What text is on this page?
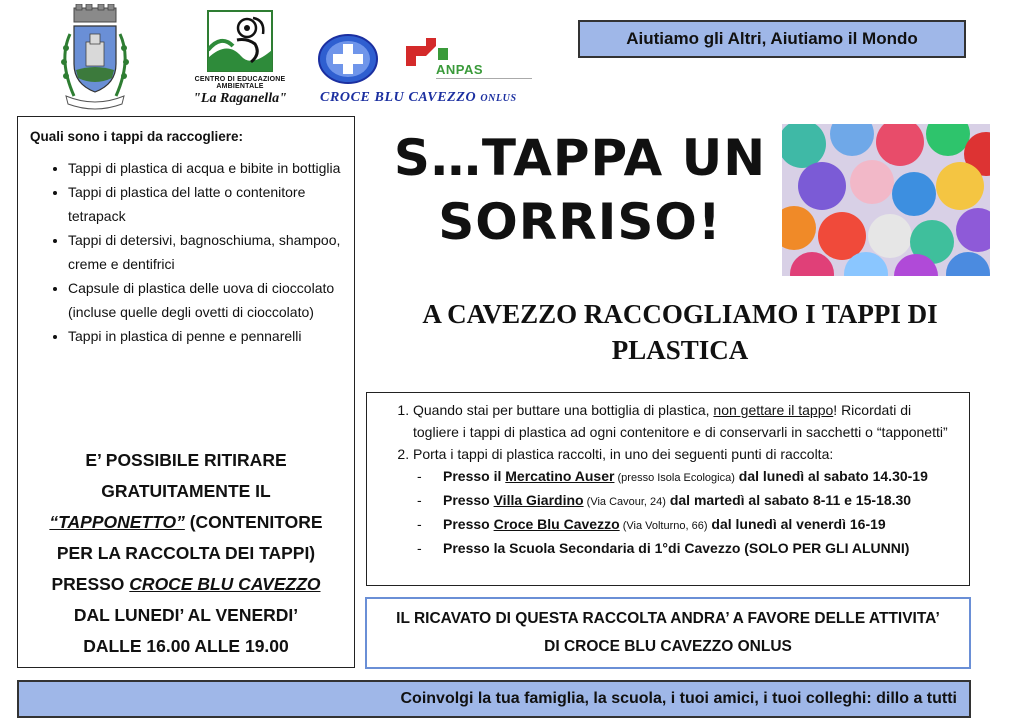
CENTRO DI EDUCAZIONE AMBIENTALE
"La Raganella"
ANPAS
CROCE BLU CAVEZZO ONLUS
Aiutiamo gli Altri, Aiutiamo il Mondo
Quali sono i tappi da raccogliere:
• Tappi di plastica di acqua e bibite in bottiglia
• Tappi di plastica del latte o contenitore tetrapack
• Tappi di detersivi, bagnoschiuma, shampoo, creme e dentifrici
• Capsule di plastica delle uova di cioccolato (incluse quelle degli ovetti di cioccolato)
• Tappi in plastica di penne e pennarelli
E’ POSSIBILE RITIRARE
GRATUITAMENTE IL
“TAPPONETTO” (CONTENITORE
PER LA RACCOLTA DEI TAPPI)
PRESSO CROCE BLU CAVEZZO
DAL LUNEDI’ AL VENERDI’
DALLE 16.00 ALLE 19.00
S…TAPPA UN
SORRISO!
A CAVEZZO RACCOGLIAMO I TAPPI DI
PLASTICA
1. Quando stai per buttare una bottiglia di plastica, non gettare il tappo! Ricordati di togliere i tappi di plastica ad ogni contenitore e di conservarli in sacchetti o “tapponetti”
2. Porta i tappi di plastica raccolti, in uno dei seguenti punti di raccolta:
- Presso il Mercatino Auser (presso Isola Ecologica) dal lunedì al sabato 14.30-19
- Presso Villa Giardino (Via Cavour, 24) dal martedì al sabato 8-11 e 15-18.30
- Presso Croce Blu Cavezzo (Via Volturno, 66) dal lunedì al venerdì 16-19
- Presso la Scuola Secondaria di 1°di Cavezzo (SOLO PER GLI ALUNNI)
IL RICAVATO DI QUESTA RACCOLTA ANDRA’ A FAVORE DELLE ATTIVITA’
DI CROCE BLU CAVEZZO ONLUS
Coinvolgi la tua famiglia, la scuola, i tuoi amici, i tuoi colleghi: dillo a tutti
